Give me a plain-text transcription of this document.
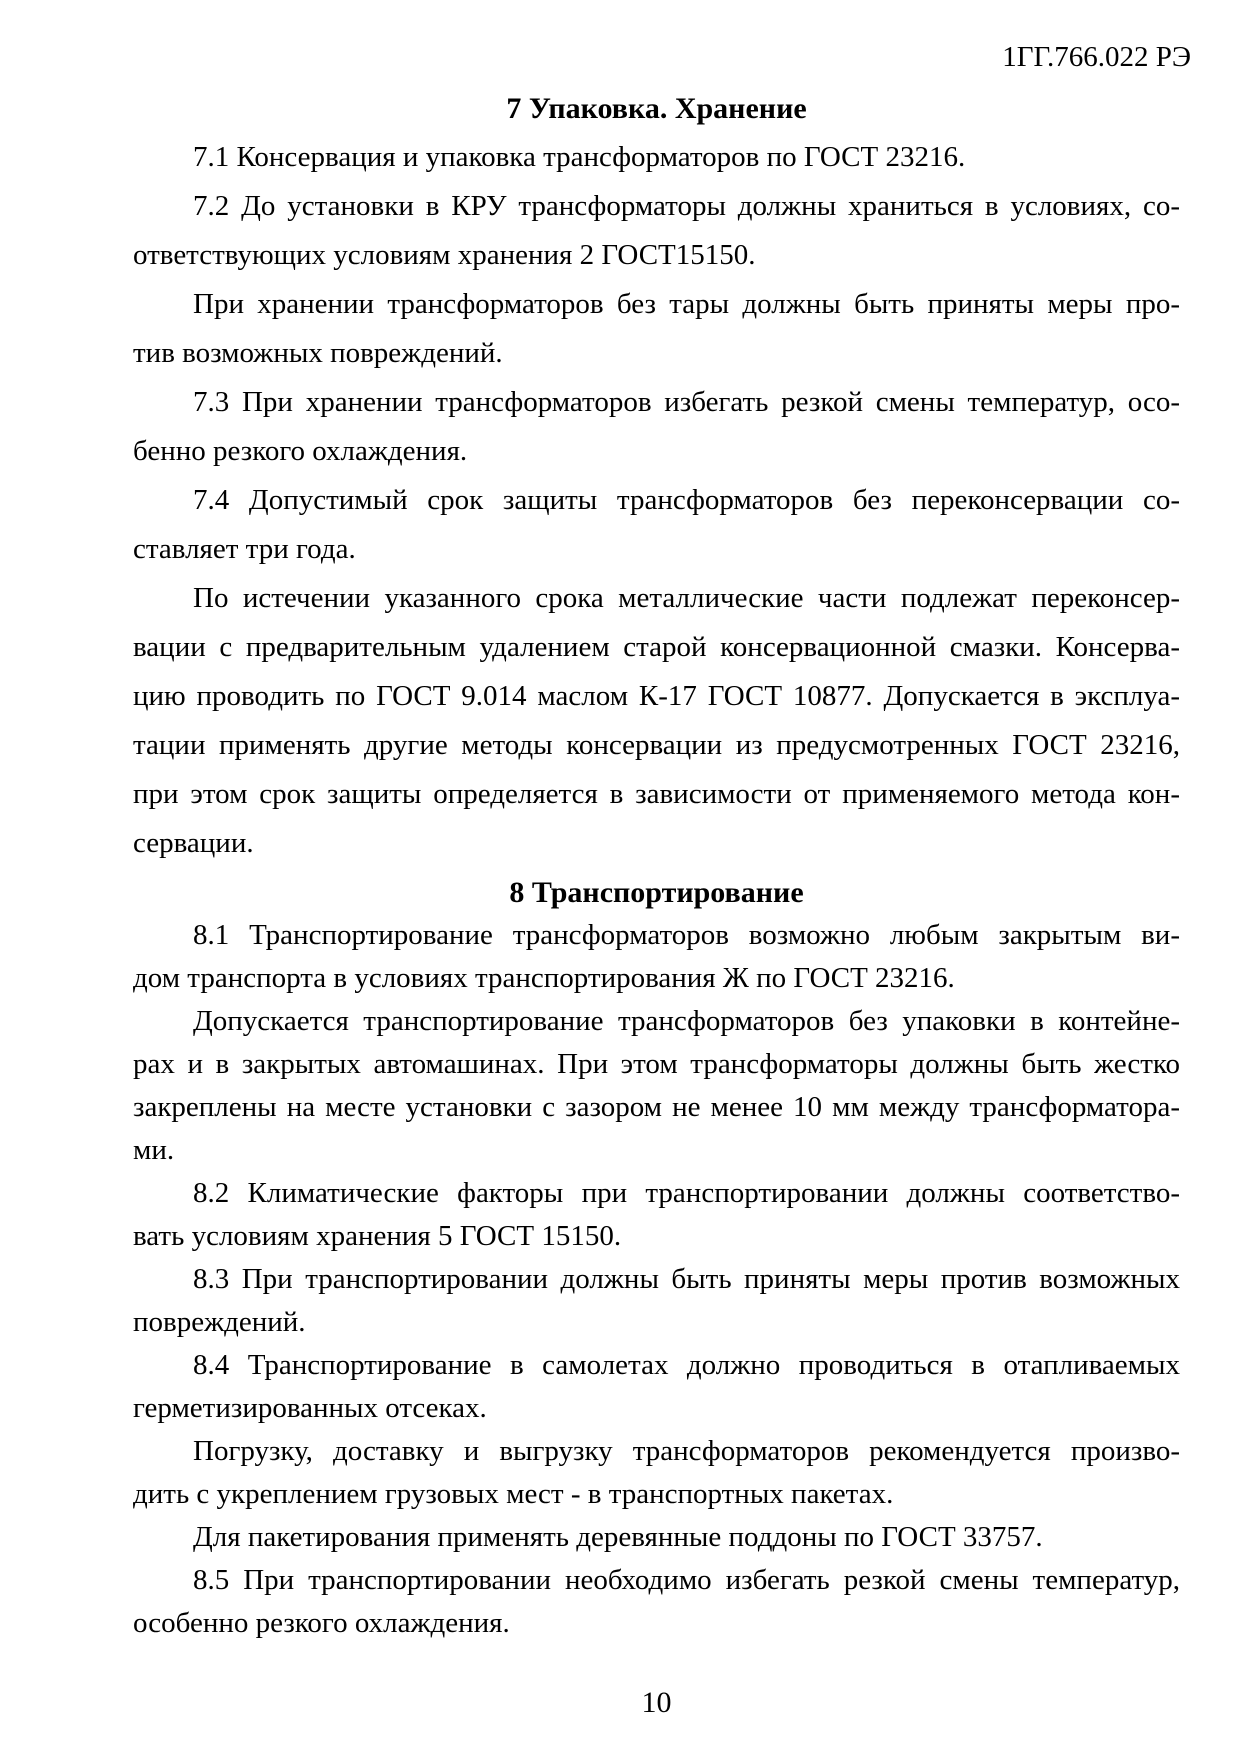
1ГГ.766.022 РЭ
7 Упаковка. Хранение

7.1 Консервация и упаковка трансформаторов по ГОСТ 23216.

7.2 До установки в КРУ трансформаторы должны храниться в условиях, со-
ответствующих условиям хранения 2 ГОСТ15150.

При хранении трансформаторов без тары должны быть приняты меры про-
тив возможных повреждений.

7.3 При хранении трансформаторов избегать резкой смены температур, осо-
бенно резкого охлаждения.

7.4 Допустимый срок защиты трансформаторов без переконсервации со-
ставляет три года.

По истечении указанного срока металлические части подлежат переконсер-
вации с предварительным удалением старой консервационной смазки. Консерва-
цию проводить по ГОСТ 9.014 маслом К-17 ГОСТ 10877. Допускается в эксплуа-
тации применять другие методы консервации из предусмотренных ГОСТ 23216,
при этом срок защиты определяется в зависимости от применяемого метода кон-
сервации.

8 Транспортирование

8.1 Транспортирование трансформаторов возможно любым закрытым ви-
дом транспорта в условиях транспортирования Ж по ГОСТ 23216.

Допускается транспортирование трансформаторов без упаковки в контейне-
рах и в закрытых автомашинах. При этом трансформаторы должны быть жестко
закреплены на месте установки с зазором не менее 10 мм между трансформатора-
ми.

8.2 Климатические факторы при транспортировании должны соответство-
вать условиям хранения 5 ГОСТ 15150.

8.3 При транспортировании должны быть приняты меры против возможных
повреждений.

8.4 Транспортирование в самолетах должно проводиться в отапливаемых
герметизированных отсеках.

Погрузку, доставку и выгрузку трансформаторов рекомендуется произво-
дить с укреплением грузовых мест - в транспортных пакетах.

Для пакетирования применять деревянные поддоны по ГОСТ 33757.

8.5 При транспортировании необходимо избегать резкой смены температур,
особенно резкого охлаждения.

10
